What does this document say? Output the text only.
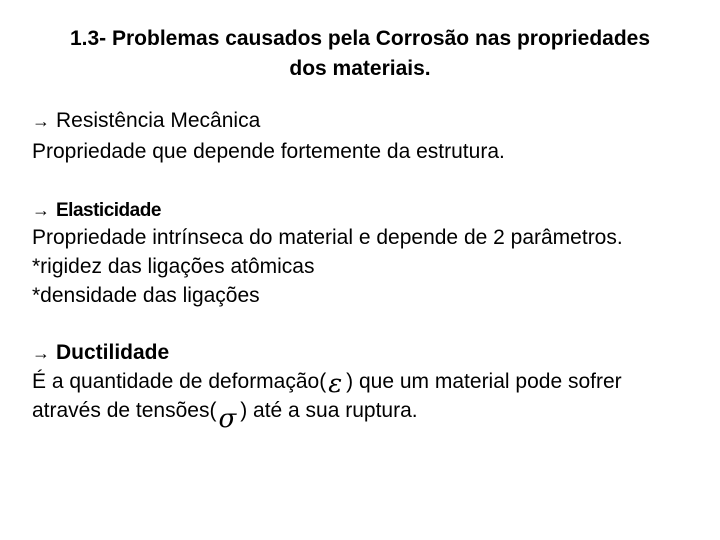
1.3- Problemas causados pela Corrosão nas propriedades
dos materiais.
→ Resistência Mecânica
Propriedade que depende fortemente da estrutura.
→ Elasticidade
Propriedade intrínseca do material e depende de 2 parâmetros.
*rigidez das ligações atômicas
*densidade das ligações
→ Ductilidade
É a quantidade de deformação(ε ) que um material pode sofrer
através de tensões(σ ) até a sua ruptura.
